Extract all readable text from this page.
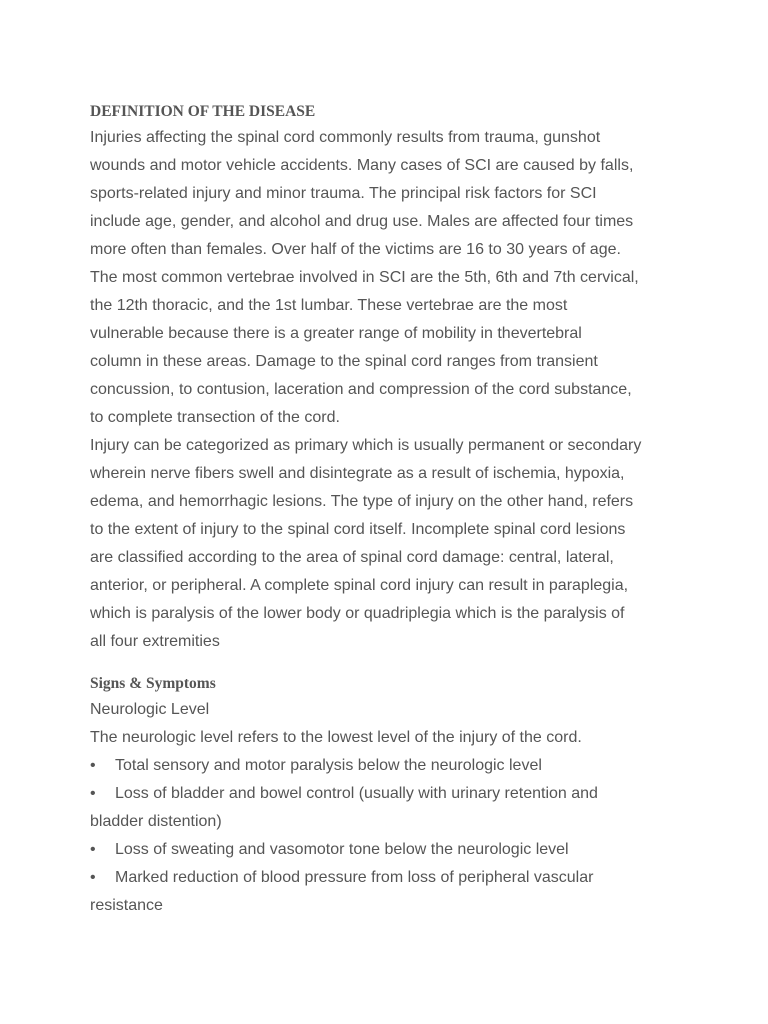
DEFINITION OF THE DISEASE

Injuries affecting the spinal cord commonly results from trauma, gunshot
wounds and motor vehicle accidents. Many cases of SCI are caused by falls,
sports-related injury and minor trauma. The principal risk factors for SCI
include age, gender, and alcohol and drug use. Males are affected four times
more often than females. Over half of the victims are 16 to 30 years of age.
The most common vertebrae involved in SCI are the 5th, 6th and 7th cervical,
the 12th thoracic, and the 1st lumbar. These vertebrae are the most
vulnerable because there is a greater range of mobility in thevertebral
column in these areas. Damage to the spinal cord ranges from transient
concussion, to contusion, laceration and compression of the cord substance,
to complete transection of the cord.

Injury can be categorized as primary which is usually permanent or secondary
wherein nerve fibers swell and disintegrate as a result of ischemia, hypoxia,
edema, and hemorrhagic lesions. The type of injury on the other hand, refers
to the extent of injury to the spinal cord itself. Incomplete spinal cord lesions
are classified according to the area of spinal cord damage: central, lateral,
anterior, or peripheral. A complete spinal cord injury can result in paraplegia,
which is paralysis of the lower body or quadriplegia which is the paralysis of
all four extremities

Signs & Symptoms

Neurologic Level
The neurologic level refers to the lowest level of the injury of the cord.
• Total sensory and motor paralysis below the neurologic level
• Loss of bladder and bowel control (usually with urinary retention and
bladder distention)
• Loss of sweating and vasomotor tone below the neurologic level
• Marked reduction of blood pressure from loss of peripheral vascular
resistance
